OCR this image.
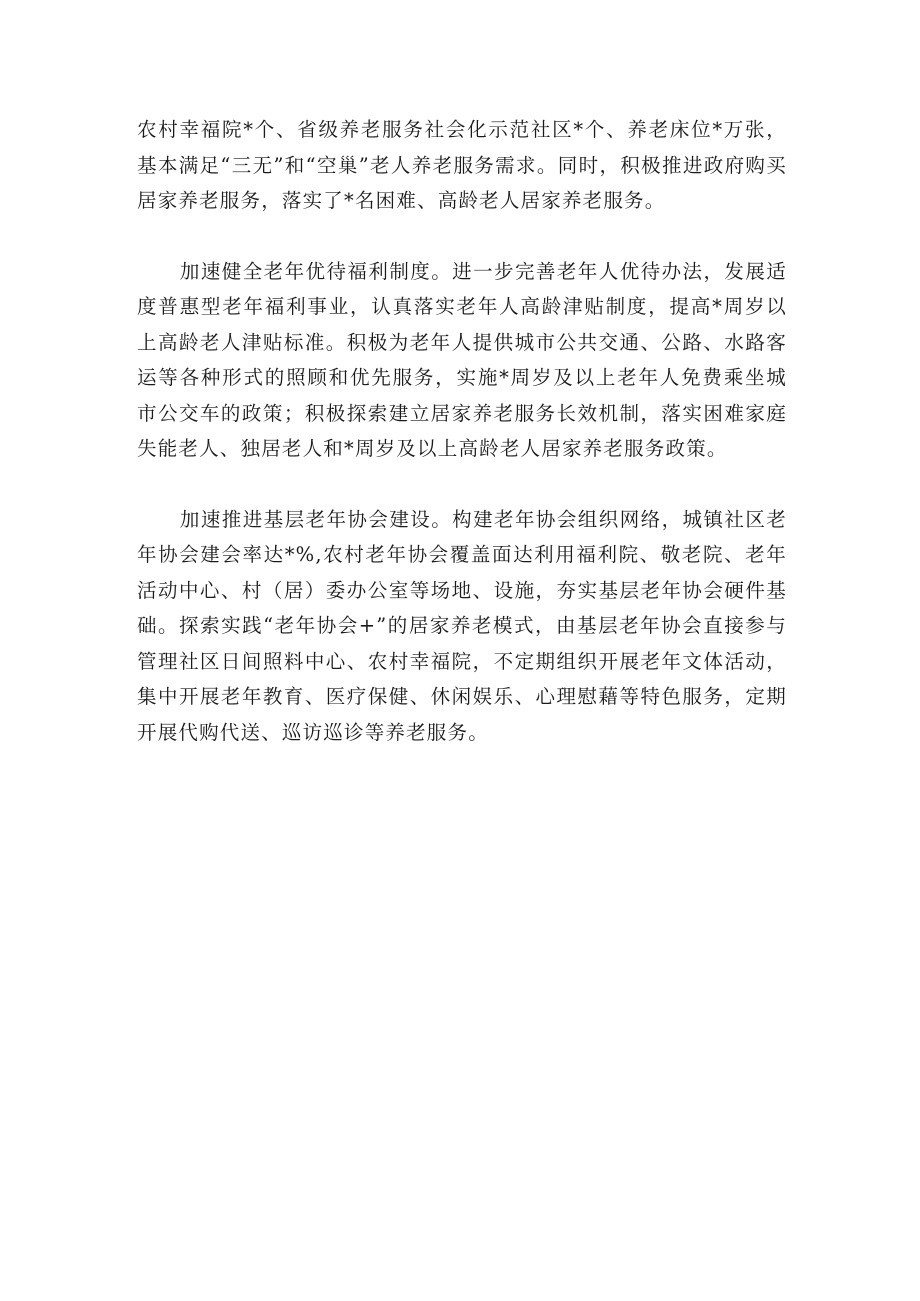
农村幸福院*个、省级养老服务社会化示范社区*个、养老床位*万张，基本满足“三无”和“空巢”老人养老服务需求。同时，积极推进政府购买居家养老服务，落实了*名困难、高龄老人居家养老服务。

加速健全老年优待福利制度。进一步完善老年人优待办法，发展适度普惠型老年福利事业，认真落实老年人高龄津贴制度，提高*周岁以上高龄老人津贴标准。积极为老年人提供城市公共交通、公路、水路客运等各种形式的照顾和优先服务，实施*周岁及以上老年人免费乘坐城市公交车的政策；积极探索建立居家养老服务长效机制，落实困难家庭失能老人、独居老人和*周岁及以上高龄老人居家养老服务政策。

加速推进基层老年协会建设。构建老年协会组织网络，城镇社区老年协会建会率达*%,农村老年协会覆盖面达利用福利院、敬老院、老年活动中心、村（居）委办公室等场地、设施，夯实基层老年协会硬件基础。探索实践“老年协会+”的居家养老模式，由基层老年协会直接参与管理社区日间照料中心、农村幸福院，不定期组织开展老年文体活动，集中开展老年教育、医疗保健、休闲娱乐、心理慰藉等特色服务，定期开展代购代送、巡访巡诊等养老服务。
